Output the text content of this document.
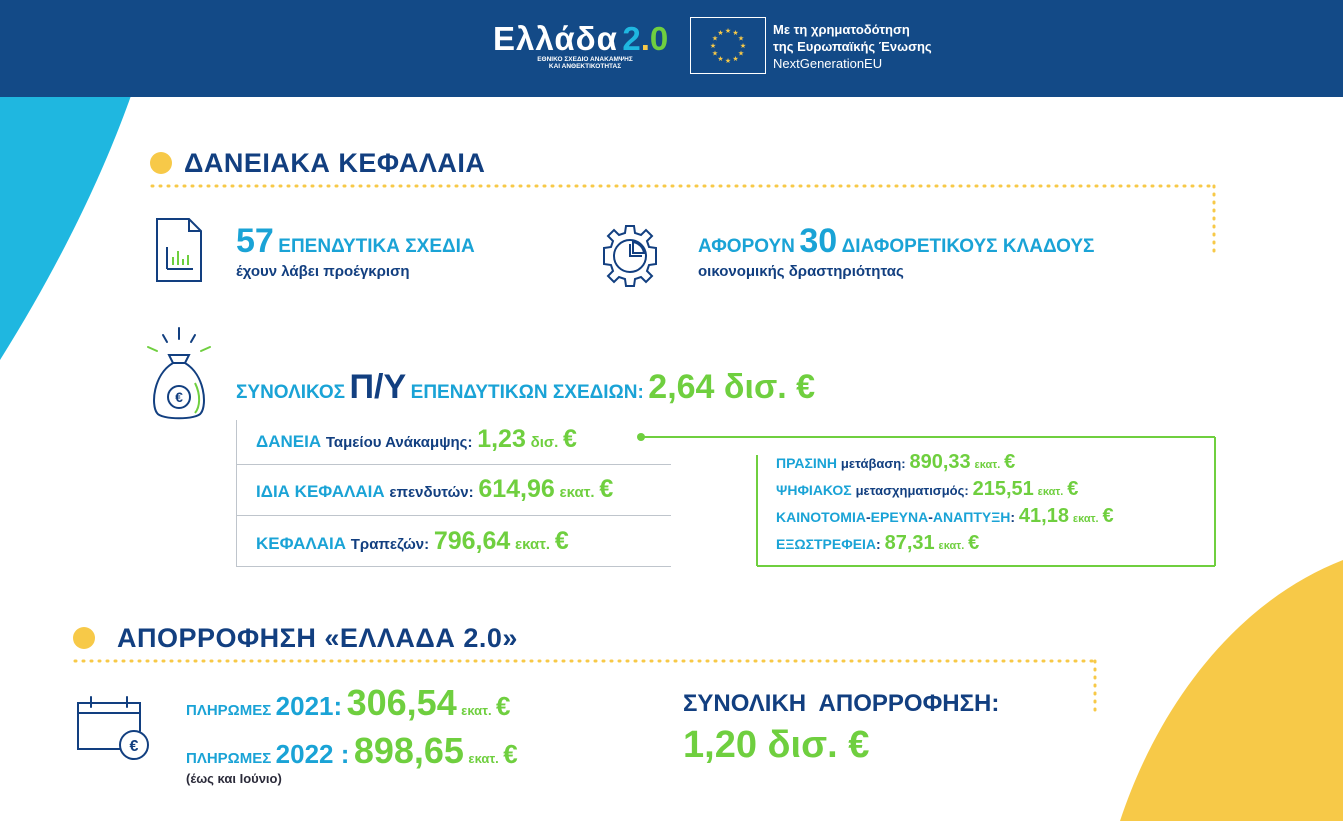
Ελλάδα 2.0
ΕΘΝΙΚΟ ΣΧΕΔΙΟ ΑΝΑΚΑΜΨΗΣ
ΚΑΙ ΑΝΘΕΚΤΙΚΟΤΗΤΑΣ
★
★
★
★
★
★
★
★
★ ★ ★
★
Με τη χρηματοδότηση
της Ευρωπαϊκής Ένωσης
NextGenerationEU
ΔΑΝΕΙΑΚΑ ΚΕΦΑΛΑΙΑ
57 ΕΠΕΝΔΥΤΙΚΑ ΣΧΕΔΙΑ
έχουν λάβει προέγκριση
ΑΦΟΡΟΥΝ 30 ΔΙΑΦΟΡΕΤΙΚΟΥΣ ΚΛΑΔΟΥΣ
οικονομικής δραστηριότητας
€	ΣΥΝΟΛΙΚΟΣ Π/Υ ΕΠΕΝΔΥΤΙΚΩΝ ΣΧΕΔΙΩΝ: 2,64 δισ. €
ΔΑΝΕΙΑ Ταμείου Ανάκαμψης: 1,23 δισ. €
ΙΔΙΑ ΚΕΦΑΛΑΙΑ επενδυτών: 614,96 εκατ. €
ΚΕΦΑΛΑΙΑ Τραπεζών: 796,64 εκατ. €
ΠΡΑΣΙΝΗ μετάβαση: 890,33 εκατ. €
ΨΗΦΙΑΚΟΣ μετασχηματισμός: 215,51 εκατ. €
ΚΑΙΝΟΤΟΜΙΑ-ΕΡΕΥΝΑ-ΑΝΑΠΤΥΞΗ: 41,18 εκατ. €
ΕΞΩΣΤΡΕΦΕΙΑ: 87,31 εκατ. €
ΑΠΟΡΡΟΦΗΣΗ «ΕΛΛΑΔΑ 2.0»
€
ΠΛΗΡΩΜΕΣ 2021: 306,54 εκατ. €
ΠΛΗΡΩΜΕΣ 2022 : 898,65 εκατ. €
(έως και Ιούνιο)
ΣΥΝΟΛΙΚΗ  ΑΠΟΡΡΟΦΗΣΗ:
1,20 δισ. €
